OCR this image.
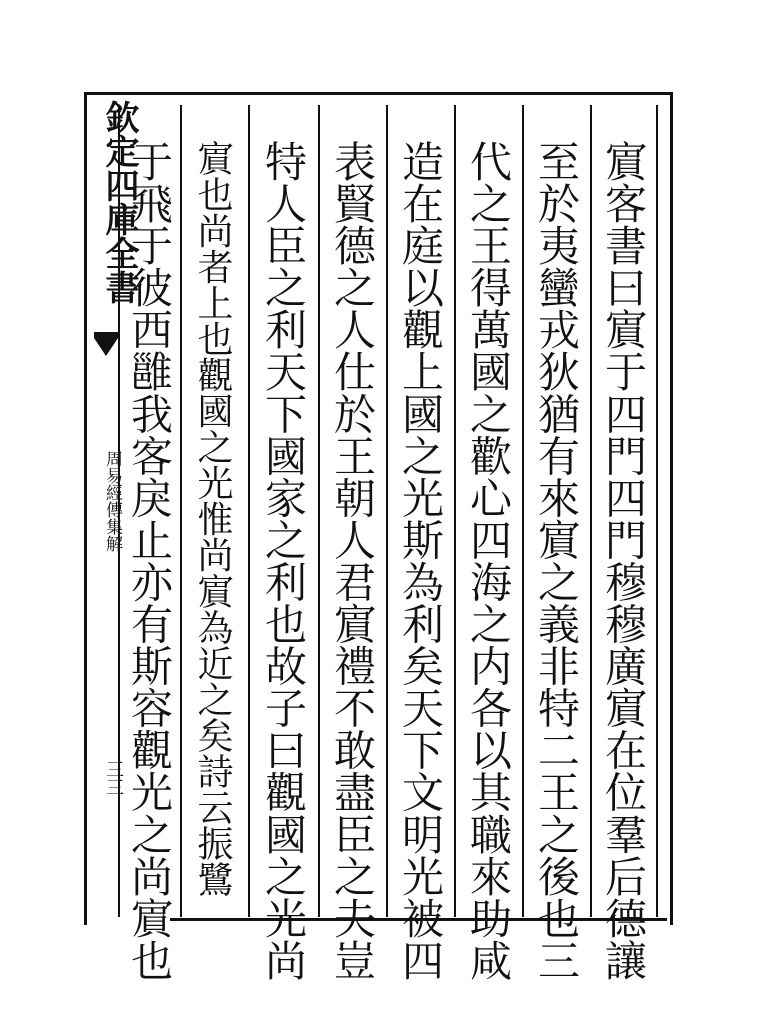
欽定四庫全書
周易經傳集解
三三	賔客書曰賔于四門四門穆穆廣賔在位羣后德讓
至於夷蠻戎狄猶有來賔之義非特二王之後也三
代之王得萬國之歡心四海之内各以其職來助咸
造在庭以觀上國之光斯為利矣天下文明光被四
表賢德之人仕於王朝人君賔禮不敢盡臣之夫豈
特人臣之利天下國家之利也故子曰觀國之光尚
賔也尚者上也觀國之光惟尚賔為近之矣詩云振鷺
于飛于彼西雝我客戾止亦有斯容觀光之尚賔也
